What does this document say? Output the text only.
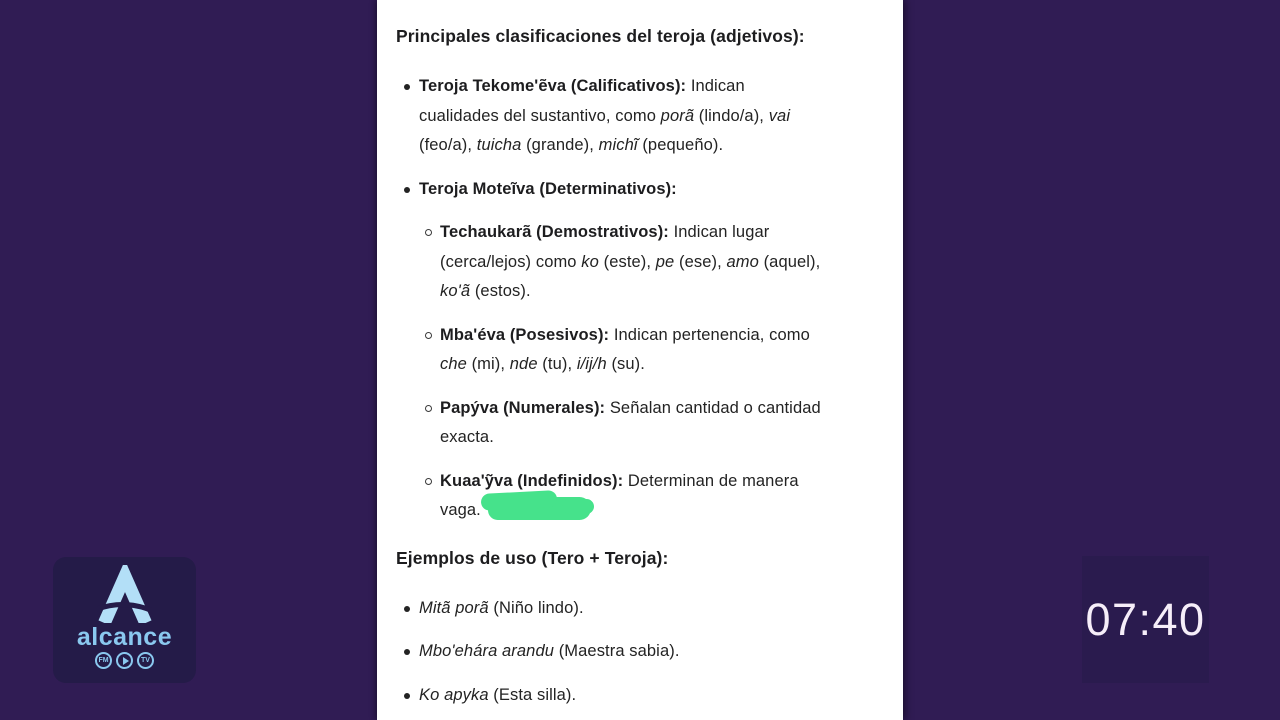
Principales clasificaciones del teroja (adjetivos):
Teroja Tekome'ẽva (Calificativos): Indican
cualidades del sustantivo, como porã (lindo/a), vai
(feo/a), tuicha (grande), michĩ (pequeño).
Teroja Moteĩva (Determinativos):
Techaukarã (Demostrativos): Indican lugar
(cerca/lejos) como ko (este), pe (ese), amo (aquel),
ko'ã (estos).
Mba'éva (Posesivos): Indican pertenencia, como
che (mi), nde (tu), i/ij/h (su).
Papýva (Numerales): Señalan cantidad o cantidad
exacta.
Kuaa'ỹva (Indefinidos): Determinan de manera
vaga.
Ejemplos de uso (Tero + Teroja):
Mitã porã (Niño lindo).
Mbo'ehára arandu (Maestra sabia).
Ko apyka (Esta silla).
alcance
FM	TV
07:40
